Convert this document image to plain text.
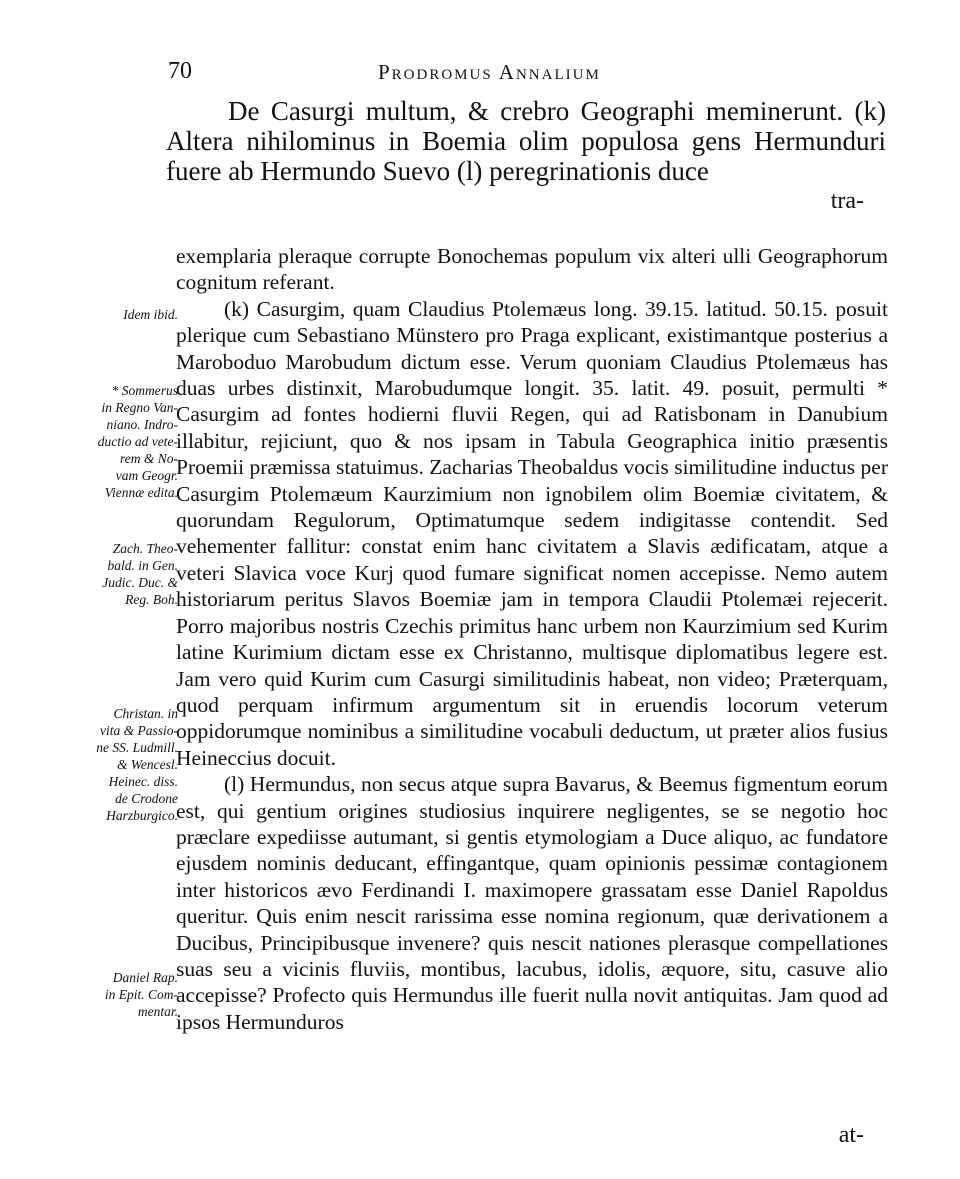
70	Prodromus Annalium

De Casurgi multum, & crebro Geographi meminerunt. (k) Altera nihilominus in Boemia olim populosa gens Hermunduri fuere ab Hermundo Suevo (l) peregrinationis duce

tra-

exemplaria pleraque corrupte Bonochemas populum vix alteri ulli Geographorum cognitum referant.

(k) Casurgim, quam Claudius Ptolemæus long. 39.15. latitud. 50.15. posuit plerique cum Sebastiano Münstero pro Praga explicant, existimantque posterius a Maroboduo Marobudum dictum esse. Verum quoniam Claudius Ptolemæus has duas urbes distinxit, Marobudumque longit. 35. latit. 49. posuit, permulti * Casurgim ad fontes hodierni fluvii Regen, qui ad Ratisbonam in Danubium illabitur, rejiciunt, quo & nos ipsam in Tabula Geographica initio præsentis Proemii præmissa statuimus. Zacharias Theobaldus vocis similitudine inductus per Casurgim Ptolemæum Kaurzimium non ignobilem olim Boemiæ civitatem, & quorundam Regulorum, Optimatumque sedem indigitasse contendit. Sed vehementer fallitur: constat enim hanc civitatem a Slavis ædificatam, atque a veteri Slavica voce Kurj quod fumare significat nomen accepisse. Nemo autem historiarum peritus Slavos Boemiæ jam in tempora Claudii Ptolemæi rejecerit. Porro majoribus nostris Czechis primitus hanc urbem non Kaurzimium sed Kurim latine Kurimium dictam esse ex Christanno, multisque diplomatibus legere est. Jam vero quid Kurim cum Casurgi similitudinis habeat, non video; Præterquam, quod perquam infirmum argumentum sit in eruendis locorum veterum oppidorumque nominibus a similitudine vocabuli deductum, ut præter alios fusius Heineccius docuit.

(l) Hermundus, non secus atque supra Bavarus, & Beemus figmentum eorum est, qui gentium origines studiosius inquirere negligentes, se se negotio hoc præclare expediisse autumant, si gentis etymologiam a Duce aliquo, ac fundatore ejusdem nominis deducant, effingantque, quam opinionis pessimæ contagionem inter historicos ævo Ferdinandi I. maximopere grassatam esse Daniel Rapoldus queritur. Quis enim nescit rarissima esse nomina regionum, quæ derivationem a Ducibus, Principibusque invenere? quis nescit nationes plerasque compellationes suas seu a vicinis fluviis, montibus, lacubus, idolis, æquore, situ, casuve alio accepisse? Profecto quis Hermundus ille fuerit nulla novit antiquitas. Jam quod ad ipsos Hermunduros

at-
Idem ibid.
* Sommerus
in Regno Van-
niano. Indro-
ductio ad vete-
rem & No-
vam Geogr.
Viennæ edita.
Zach. Theo-
bald. in Gen.
Judic. Duc. &
Reg. Boh.
Christan. in
vita & Passio-
ne SS. Ludmill.
& Wencesl.
Heinec. diss.
de Crodone
Harzburgico.
Daniel Rap.
in Epit. Com-
mentar.
